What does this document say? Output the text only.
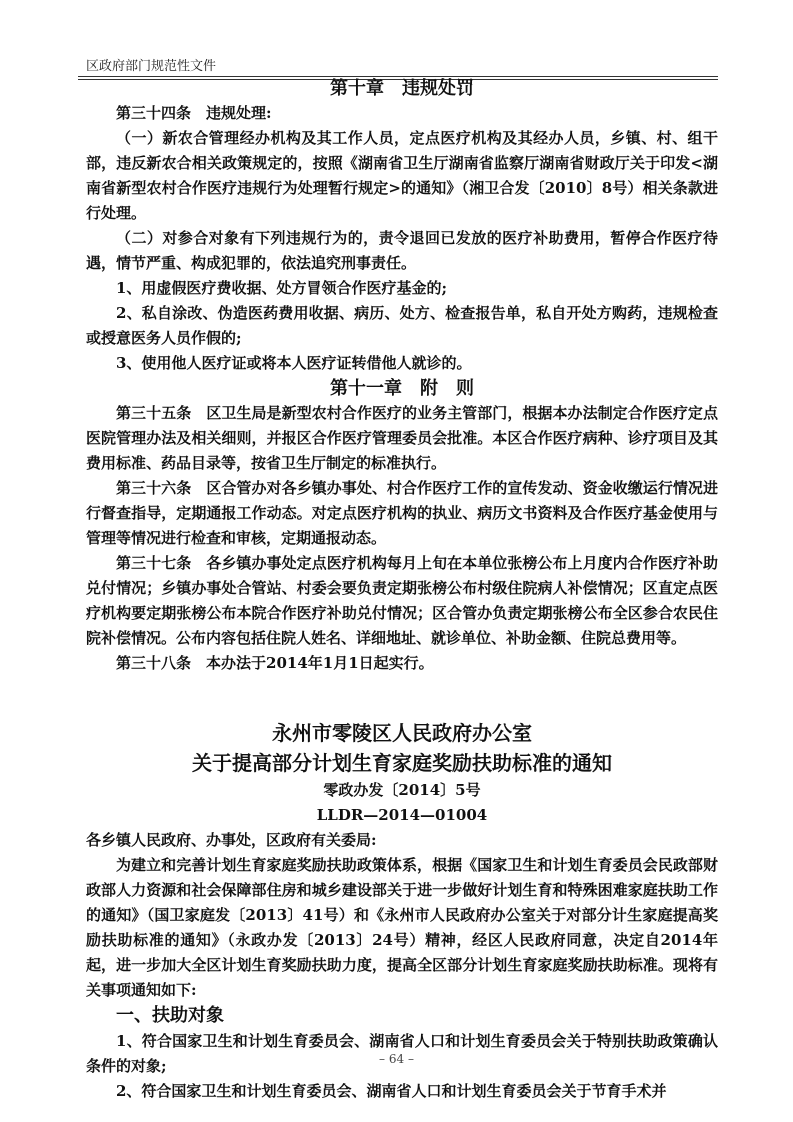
区政府部门规范性文件

第十章　违规处罚

第三十四条　 违规处理:

（一）新农合管理经办机构及其工作人员，定点医疗机构及其经办人员，乡镇、村、组干部，违反新农合相关政策规定的，按照《湖南省卫生厅湖南省监察厅湖南省财政厅关于印发<湖南省新型农村合作医疗违规行为处理暂行规定>的通知》（湘卫合发〔2010〕8号）相关条款进行处理。

（二）对参合对象有下列违规行为的，责令退回已发放的医疗补助费用，暂停合作医疗待遇，情节严重、构成犯罪的，依法追究刑事责任。

1、用虚假医疗费收据、处方冒领合作医疗基金的;

2、私自涂改、伪造医药费用收据、病历、处方、检查报告单，私自开处方购药，违规检查或授意医务人员作假的;

3、使用他人医疗证或将本人医疗证转借他人就诊的。

第十一章　附　则

第三十五条　 区卫生局是新型农村合作医疗的业务主管部门，根据本办法制定合作医疗定点医院管理办法及相关细则，并报区合作医疗管理委员会批准。本区合作医疗病种、诊疗项目及其费用标准、药品目录等，按省卫生厅制定的标准执行。

第三十六条　 区合管办对各乡镇办事处、村合作医疗工作的宣传发动、资金收缴运行情况进行督查指导，定期通报工作动态。对定点医疗机构的执业、病历文书资料及合作医疗基金使用与管理等情况进行检查和审核，定期通报动态。

第三十七条　 各乡镇办事处定点医疗机构每月上旬在本单位张榜公布上月度内合作医疗补助兑付情况；乡镇办事处合管站、村委会要负责定期张榜公布村级住院病人补偿情况；区直定点医疗机构要定期张榜公布本院合作医疗补助兑付情况；区合管办负责定期张榜公布全区参合农民住院补偿情况。公布内容包括住院人姓名、详细地址、就诊单位、补助金额、住院总费用等。

第三十八条　 本办法于2014年1月1日起实行。

永州市零陵区人民政府办公室

关于提高部分计划生育家庭奖励扶助标准的通知

零政办发〔2014〕5号

LLDR—2014—01004

各乡镇人民政府、办事处，区政府有关委局:

为建立和完善计划生育家庭奖励扶助政策体系，根据《国家卫生和计划生育委员会民政部财政部人力资源和社会保障部住房和城乡建设部关于进一步做好计划生育和特殊困难家庭扶助工作的通知》（国卫家庭发〔2013〕41号）和《永州市人民政府办公室关于对部分计生家庭提高奖励扶助标准的通知》（永政办发〔2013〕24号）精神，经区人民政府同意，决定自2014年起，进一步加大全区计划生育奖励扶助力度，提高全区部分计划生育家庭奖励扶助标准。现将有关事项通知如下:

一、扶助对象

1、符合国家卫生和计划生育委员会、湖南省人口和计划生育委员会关于特别扶助政策确认条件的对象;

2、符合国家卫生和计划生育委员会、湖南省人口和计划生育委员会关于节育手术并

– 64 –
